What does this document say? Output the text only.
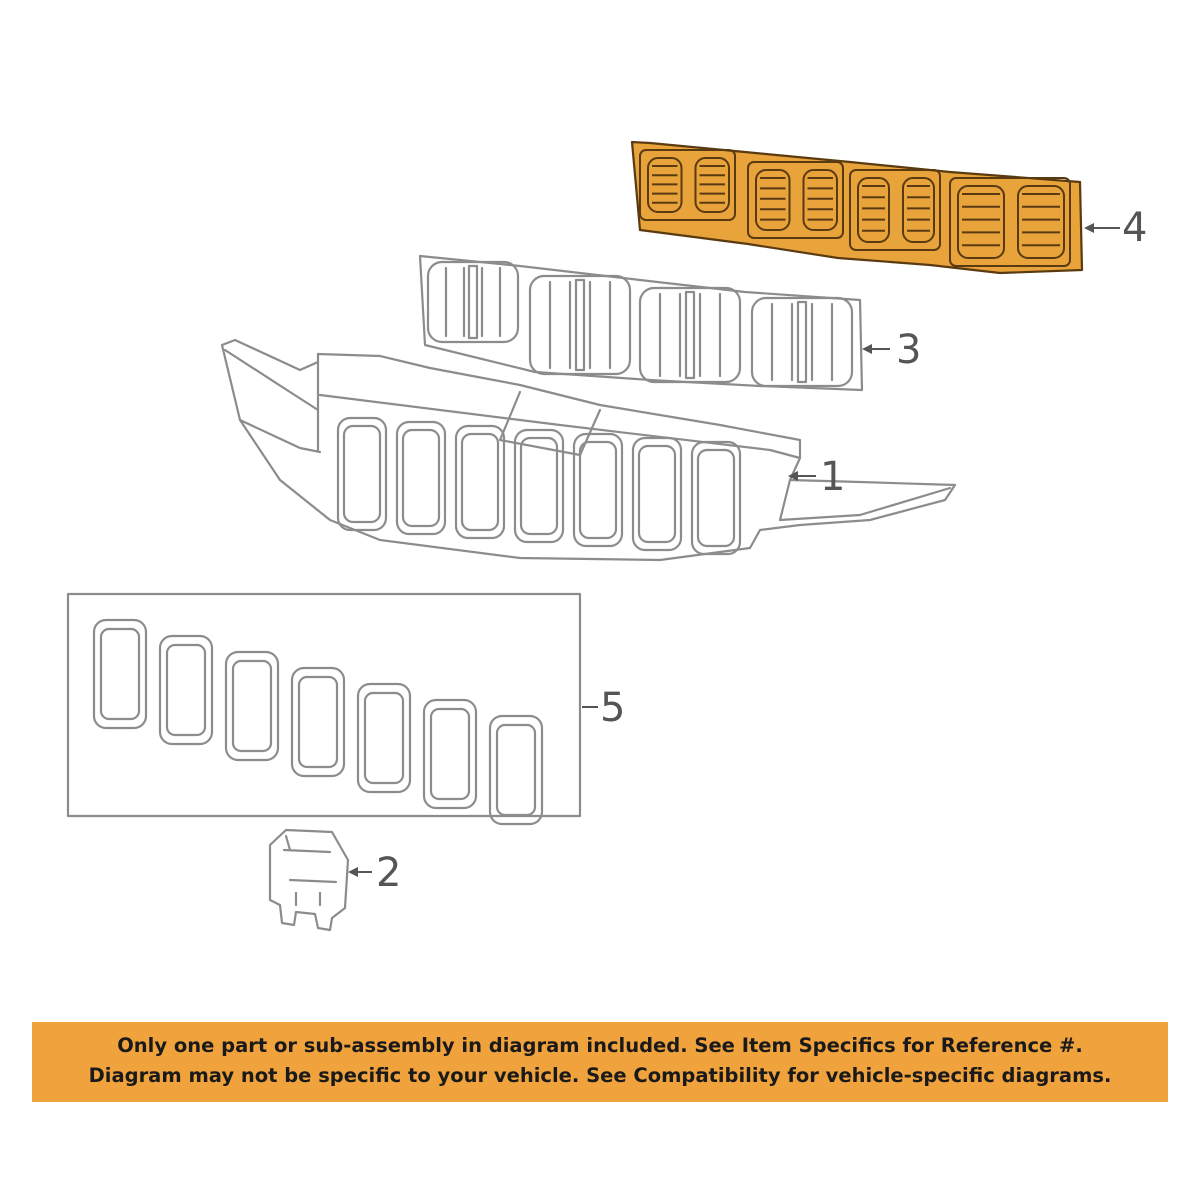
4
3
1
5
2
Only one part or sub-assembly in diagram included. See Item Specifics for Reference #.
Diagram may not be specific to your vehicle. See Compatibility for vehicle-specific diagrams.
